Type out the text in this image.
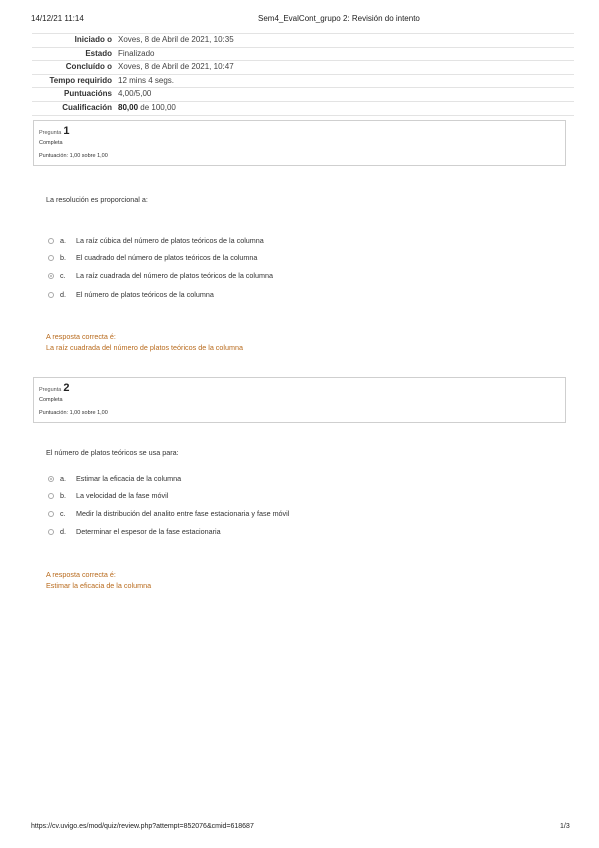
14/12/21 11:14	Sem4_EvalCont_grupo 2: Revisión do intento
Iniciado o Xoves, 8 de Abril de 2021, 10:35
Estado Finalizado
Concluído o Xoves, 8 de Abril de 2021, 10:47
Tempo requirido 12 mins 4 segs.
Puntuacións 4,00/5,00
Cualificación 80,00 de 100,00
Pregunta 1
Completa
Puntuación: 1,00 sobre 1,00
La resolución es proporcional a:
a.	La raíz cúbica del número de platos teóricos de la columna
b.	El cuadrado del número de platos teóricos de la columna
c.	La raíz cuadrada del número de platos teóricos de la columna
d.	El número de platos teóricos de la columna
A resposta correcta é:
La raíz cuadrada del número de platos teóricos de la columna
Pregunta 2
Completa
Puntuación: 1,00 sobre 1,00
El número de platos teóricos se usa para:
a.	Estimar la eficacia de la columna
b.	La velocidad de la fase móvil
c.	Medir la distribución del analito entre fase estacionaria y fase móvil
d.	Determinar el espesor de la fase estacionaria
A resposta correcta é:
Estimar la eficacia de la columna
https://cv.uvigo.es/mod/quiz/review.php?attempt=852076&cmid=618687	1/3
